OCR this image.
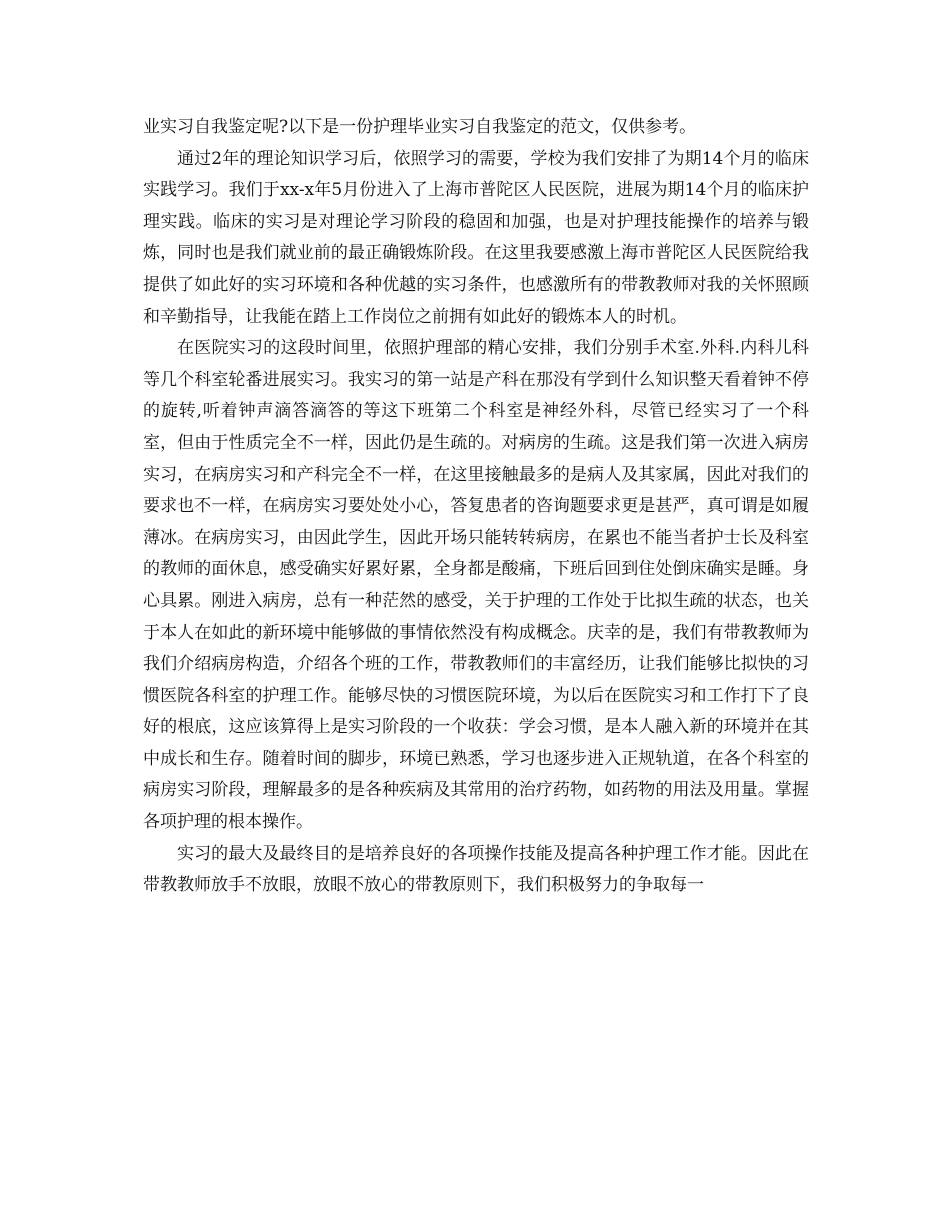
业实习自我鉴定呢?以下是一份护理毕业实习自我鉴定的范文，仅供参考。

通过2年的理论知识学习后，依照学习的需要，学校为我们安排了为期14个月的临床实践学习。我们于xx-x年5月份进入了上海市普陀区人民医院，进展为期14个月的临床护理实践。临床的实习是对理论学习阶段的稳固和加强，也是对护理技能操作的培养与锻炼，同时也是我们就业前的最正确锻炼阶段。在这里我要感激上海市普陀区人民医院给我提供了如此好的实习环境和各种优越的实习条件，也感激所有的带教教师对我的关怀照顾和辛勤指导，让我能在踏上工作岗位之前拥有如此好的锻炼本人的时机。

在医院实习的这段时间里，依照护理部的精心安排，我们分别手术室.外科.内科儿科等几个科室轮番进展实习。我实习的第一站是产科在那没有学到什么知识整天看着钟不停的旋转,听着钟声滴答滴答的等这下班第二个科室是神经外科，尽管已经实习了一个科室，但由于性质完全不一样，因此仍是生疏的。对病房的生疏。这是我们第一次进入病房实习，在病房实习和产科完全不一样，在这里接触最多的是病人及其家属，因此对我们的要求也不一样，在病房实习要处处小心，答复患者的咨询题要求更是甚严，真可谓是如履薄冰。在病房实习，由因此学生，因此开场只能转转病房，在累也不能当者护士长及科室的教师的面休息，感受确实好累好累，全身都是酸痛，下班后回到住处倒床确实是睡。身心具累。刚进入病房，总有一种茫然的感受，关于护理的工作处于比拟生疏的状态，也关于本人在如此的新环境中能够做的事情依然没有构成概念。庆幸的是，我们有带教教师为我们介绍病房构造，介绍各个班的工作，带教教师们的丰富经历，让我们能够比拟快的习惯医院各科室的护理工作。能够尽快的习惯医院环境，为以后在医院实习和工作打下了良好的根底，这应该算得上是实习阶段的一个收获：学会习惯，是本人融入新的环境并在其中成长和生存。随着时间的脚步，环境已熟悉，学习也逐步进入正规轨道，在各个科室的病房实习阶段，理解最多的是各种疾病及其常用的治疗药物，如药物的用法及用量。掌握各项护理的根本操作。

实习的最大及最终目的是培养良好的各项操作技能及提高各种护理工作才能。因此在带教教师放手不放眼，放眼不放心的带教原则下，我们积极努力的争取每一
